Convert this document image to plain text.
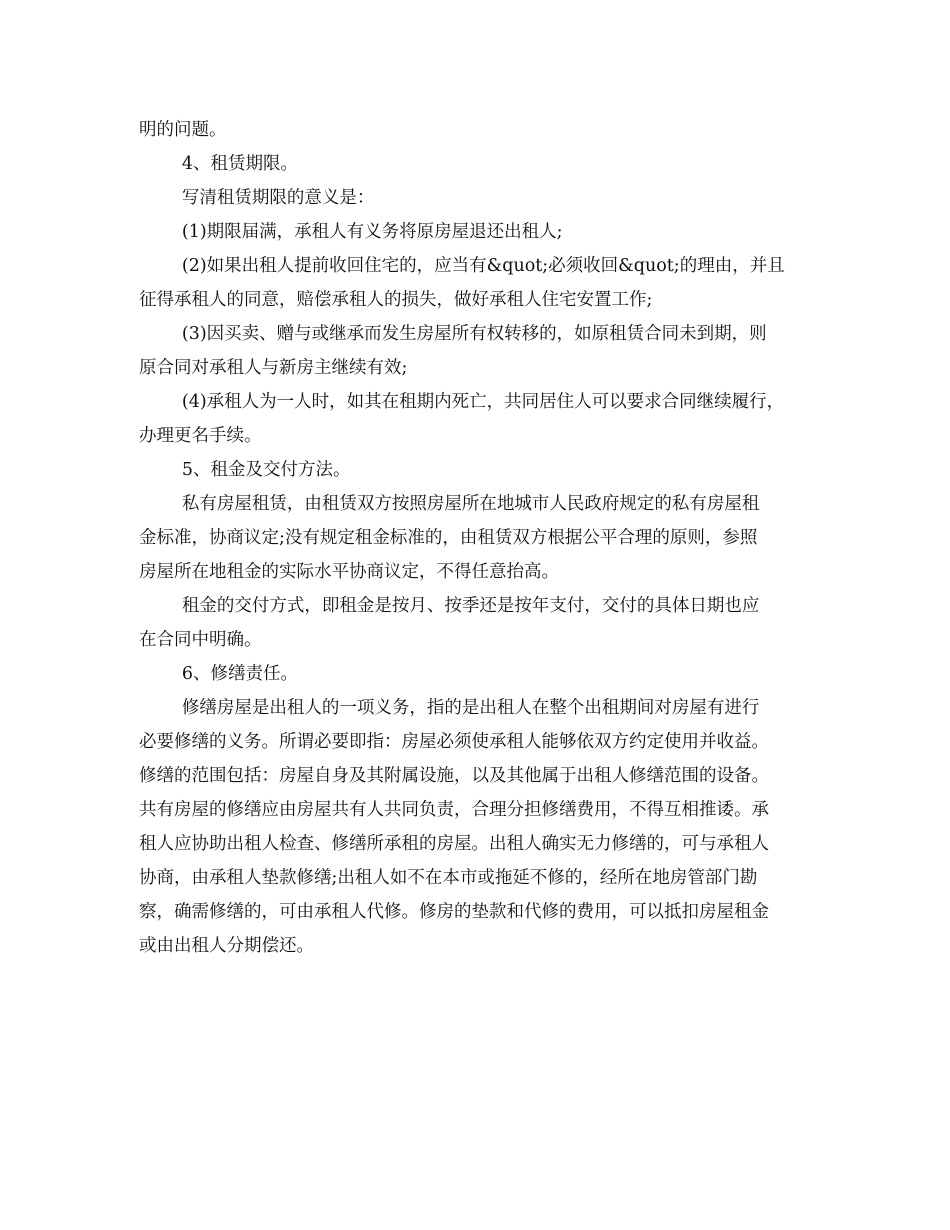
明的问题。

4、租赁期限。

写清租赁期限的意义是：

(1)期限届满，承租人有义务将原房屋退还出租人;

(2)如果出租人提前收回住宅的，应当有&quot;必须收回&quot;的理由，并且
征得承租人的同意，赔偿承租人的损失，做好承租人住宅安置工作;

(3)因买卖、赠与或继承而发生房屋所有权转移的，如原租赁合同未到期，则
原合同对承租人与新房主继续有效;

(4)承租人为一人时，如其在租期内死亡，共同居住人可以要求合同继续履行，
办理更名手续。

5、租金及交付方法。

私有房屋租赁，由租赁双方按照房屋所在地城市人民政府规定的私有房屋租
金标准，协商议定;没有规定租金标准的，由租赁双方根据公平合理的原则，参照
房屋所在地租金的实际水平协商议定，不得任意抬高。

租金的交付方式，即租金是按月、按季还是按年支付，交付的具体日期也应
在合同中明确。

6、修缮责任。

修缮房屋是出租人的一项义务，指的是出租人在整个出租期间对房屋有进行
必要修缮的义务。所谓必要即指：房屋必须使承租人能够依双方约定使用并收益。
修缮的范围包括：房屋自身及其附属设施，以及其他属于出租人修缮范围的设备。
共有房屋的修缮应由房屋共有人共同负责，合理分担修缮费用，不得互相推诿。承
租人应协助出租人检查、修缮所承租的房屋。出租人确实无力修缮的，可与承租人
协商，由承租人垫款修缮;出租人如不在本市或拖延不修的，经所在地房管部门勘
察，确需修缮的，可由承租人代修。修房的垫款和代修的费用，可以抵扣房屋租金
或由出租人分期偿还。
